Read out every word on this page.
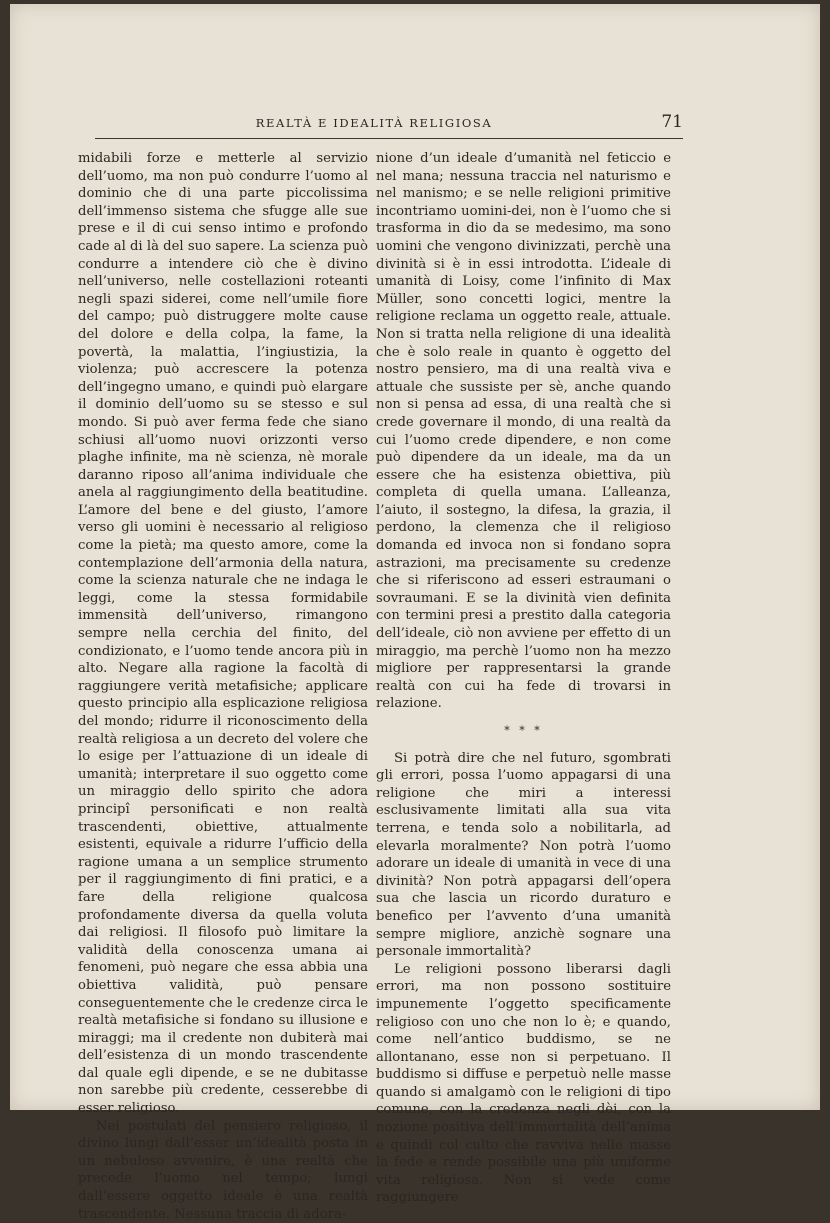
REALTÀ E IDEALITÀ RELIGIOSA	71

midabili forze e metterle al servizio dell’uomo, ma non può condurre l’uomo al dominio che di una parte piccolissima dell’immenso sistema che sfugge alle sue prese e il di cui senso intimo e profondo cade al di là del suo sapere. La scienza può condurre a intendere ciò che è divino nell’universo, nelle costellazioni roteanti negli spazi siderei, come nell’umile fiore del campo; può distruggere molte cause del dolore e della colpa, la fame, la povertà, la malattia, l’ingiustizia, la violenza; può accrescere la potenza dell’ingegno umano, e quindi può elargare il dominio dell’uomo su se stesso e sul mondo. Si può aver ferma fede che siano schiusi all’uomo nuovi orizzonti verso plaghe infinite, ma nè scienza, nè morale daranno riposo all’anima individuale che anela al raggiungimento della beatitudine. L’amore del bene e del giusto, l’amore verso gli uomini è necessario al religioso come la pietà; ma questo amore, come la contemplazione dell’armonia della natura, come la scienza naturale che ne indaga le leggi, come la stessa formidabile immensità dell’universo, rimangono sempre nella cerchia del finito, del condizionato, e l’uomo tende ancora più in alto. Negare alla ragione la facoltà di raggiungere verità metafisiche; applicare questo principio alla esplicazione religiosa del mondo; ridurre il riconoscimento della realtà religiosa a un decreto del volere che lo esige per l’attuazione di un ideale di umanità; interpretare il suo oggetto come un miraggio dello spirito che adora principî personificati e non realtà trascendenti, obiettive, attualmente esistenti, equivale a ridurre l’ufficio della ragione umana a un semplice strumento per il raggiungimento di fini pratici, e a fare della religione qualcosa profondamente diversa da quella voluta dai religiosi. Il filosofo può limitare la validità della conoscenza umana ai fenomeni, può negare che essa abbia una obiettiva validità, può pensare conseguentemente che le credenze circa le realtà metafisiche si fondano su illusione e miraggi; ma il credente non dubiterà mai dell’esistenza di un mondo trascendente dal quale egli dipende, e se ne dubitasse non sarebbe più credente, cesserebbe di esser religioso.

Nei postulati del pensiero religioso, il divino lungi dall’esser un’idealità posta in un nebuloso avvenire, è una realtà che precede l’uomo nel tempo; lungi dall’essere oggetto ideale è una realtà trascendente. Nessuna traccia di adora-

nione d’un ideale d’umanità nel feticcio e nel mana; nessuna traccia nel naturismo e nel manismo; e se nelle religioni primitive incontriamo uomini-dei, non è l’uomo che si trasforma in dio da se medesimo, ma sono uomini che vengono divinizzati, perchè una divinità si è in essi introdotta. L’ideale di umanità di Loisy, come l’infinito di Max Müller, sono concetti logici, mentre la religione reclama un oggetto reale, attuale. Non si tratta nella religione di una idealità che è solo reale in quanto è oggetto del nostro pensiero, ma di una realtà viva e attuale che sussiste per sè, anche quando non si pensa ad essa, di una realtà che si crede governare il mondo, di una realtà da cui l’uomo crede dipendere, e non come può dipendere da un ideale, ma da un essere che ha esistenza obiettiva, più completa di quella umana. L’alleanza, l’aiuto, il sostegno, la difesa, la grazia, il perdono, la clemenza che il religioso domanda ed invoca non si fondano sopra astrazioni, ma precisamente su credenze che si riferiscono ad esseri estraumani o sovraumani. E se la divinità vien definita con termini presi a prestito dalla categoria dell’ideale, ciò non avviene per effetto di un miraggio, ma perchè l’uomo non ha mezzo migliore per rappresentarsi la grande realtà con cui ha fede di trovarsi in relazione.

* * *

Si potrà dire che nel futuro, sgombrati gli errori, possa l’uomo appagarsi di una religione che miri a interessi esclusivamente limitati alla sua vita terrena, e tenda solo a nobilitarla, ad elevarla moralmente? Non potrà l’uomo adorare un ideale di umanità in vece di una divinità? Non potrà appagarsi dell’opera sua che lascia un ricordo duraturo e benefico per l’avvento d’una umanità sempre migliore, anzichè sognare una personale immortalità?

Le religioni possono liberarsi dagli errori, ma non possono sostituire impunemente l’oggetto specificamente religioso con uno che non lo è; e quando, come nell’antico buddismo, se ne allontanano, esse non si perpetuano. Il buddismo si diffuse e perpetuò nelle masse quando si amalgamò con le religioni di tipo comune, con la credenza negli dèi, con la nozione positiva dell’immortalità dell’anima e quindi col culto che ravviva nelle masse la fede e rende possibile una più uniforme vita religiosa. Non si vede come raggiungere
